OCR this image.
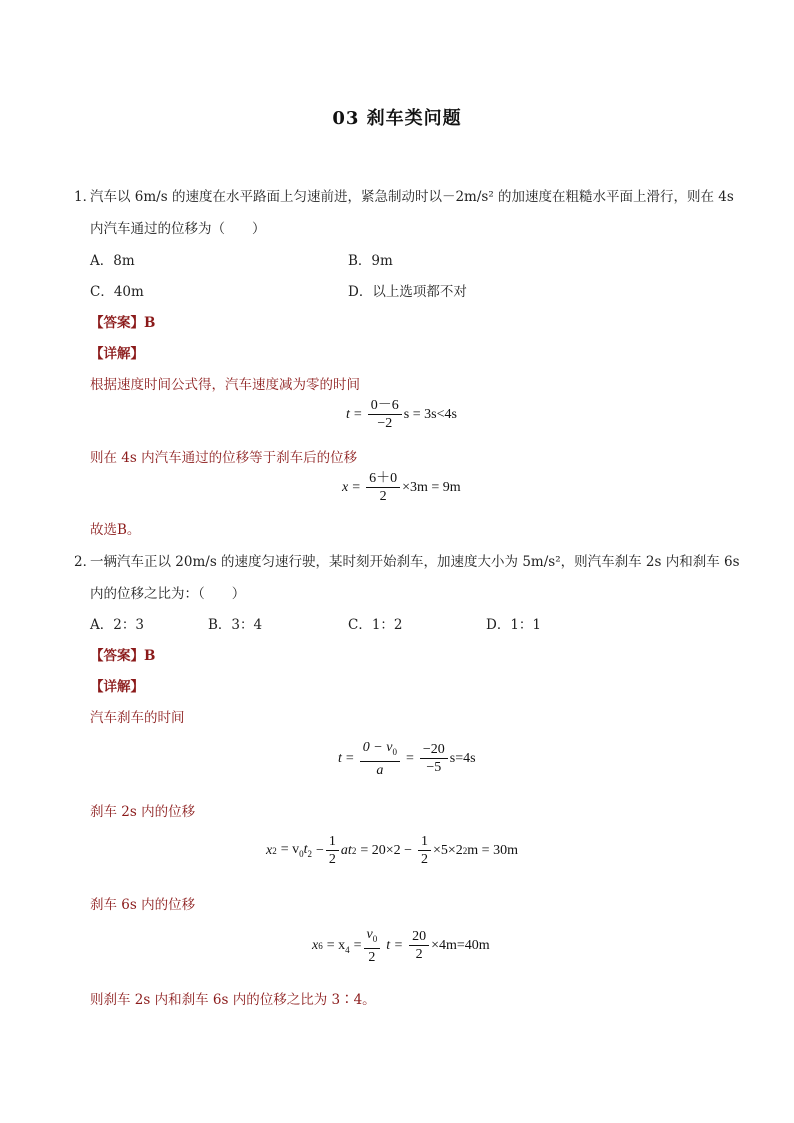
03 刹车类问题
1．
汽车以 6m/s 的速度在水平路面上匀速前进，紧急制动时以－2m/s² 的加速度在粗糙水平面上滑行，则在 4s
内汽车通过的位移为（　　）
A．8m	B．9m
C．40m	D．以上选项都不对
【答案】B
【详解】
根据速度时间公式得，汽车速度减为零的时间
$t = \frac{0-6}{-2}$ s = 3s<4s
则在 4s 内汽车通过的位移等于刹车后的位移
$x = \frac{6+0}{2} \times 3m = 9m$
故选B。
2．
一辆汽车正以 20m/s 的速度匀速行驶，某时刻开始刹车，加速度大小为 5m/s²，则汽车刹车 2s 内和刹车 6s
内的位移之比为：（　　）
A．2：3	B．3：4	C．1：2	D．1：1
【答案】B
【详解】
汽车刹车的时间
$t = \frac{0 - v_0}{a} = \frac{-20}{-5} s=4s$
刹车 2s 内的位移
x $2 = v_0t_2 - \frac{1}{2}$ at $2 = 20\times 2 - \frac{1}{2} \times 5\times 2$ 2 m = 30m
刹车 6s 内的位移
x $6 = x_4 = \frac{v_0}{2}$ $t = \frac{20}{2} \times 4m=40m$
则刹车 2s 内和刹车 6s 内的位移之比为 3∶4。
